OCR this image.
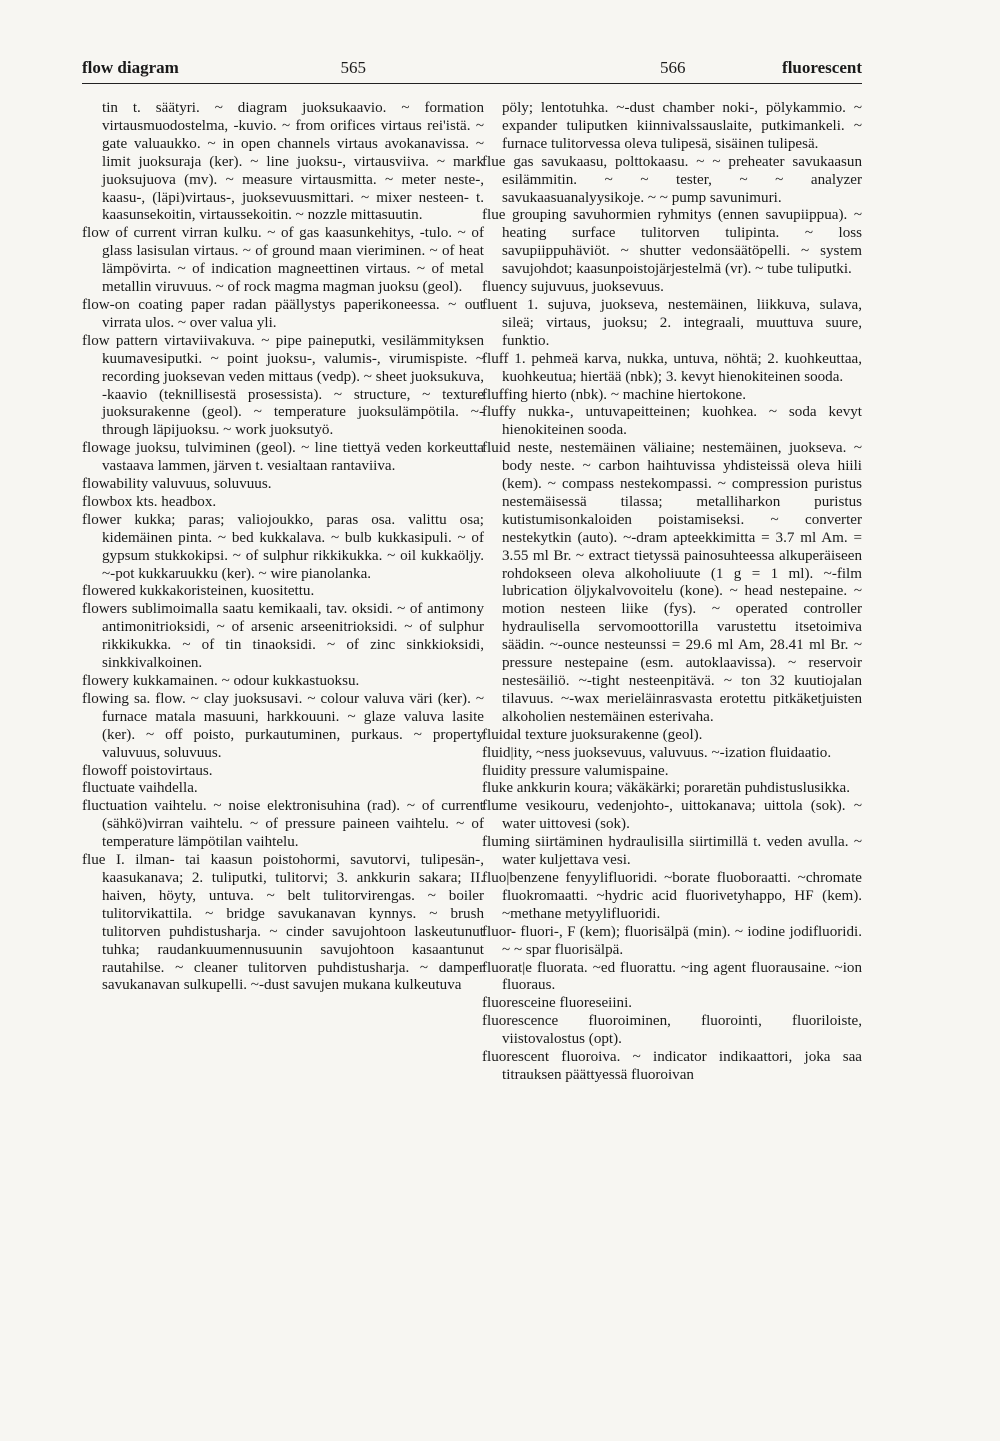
flow diagram	565

tin t. säätyri. ~ diagram juoksukaavio. ~ formation virtausmuodostelma, -kuvio. ~ from orifices virtaus rei'istä. ~ gate valuaukko. ~ in open channels virtaus avokanavissa. ~ limit juoksuraja (ker). ~ line juoksu-, virtausviiva. ~ mark juoksujuova (mv). ~ measure virtausmitta. ~ meter neste-, kaasu-, (läpi)virtaus-, juoksevuusmittari. ~ mixer nesteen- t. kaasunsekoitin, virtaussekoitin. ~ nozzle mittasuutin.

flow of current virran kulku. ~ of gas kaasunkehitys, -tulo. ~ of glass lasisulan virtaus. ~ of ground maan vieriminen. ~ of heat lämpövirta. ~ of indication magneettinen virtaus. ~ of metal metallin viruvuus. ~ of rock magma magman juoksu (geol).

flow-on coating paper radan päällystys paperikoneessa. ~ out virrata ulos. ~ over valua yli.

flow pattern virtaviivakuva. ~ pipe paineputki, vesilämmityksen kuumavesiputki. ~ point juoksu-, valumis-, virumispiste. ~ recording juoksevan veden mittaus (vedp). ~ sheet juoksukuva, -kaavio (teknillisestä prosessista). ~ structure, ~ texture juoksurakenne (geol). ~ temperature juoksulämpötila. ~-through läpijuoksu. ~ work juoksutyö.

flowage juoksu, tulviminen (geol). ~ line tiettyä veden korkeutta vastaava lammen, järven t. vesialtaan rantaviiva.

flowability valuvuus, soluvuus.

flowbox kts. headbox.

flower kukka; paras; valiojoukko, paras osa. valittu osa; kidemäinen pinta. ~ bed kukkalava. ~ bulb kukkasipuli. ~ of gypsum stukkokipsi. ~ of sulphur rikkikukka. ~ oil kukkaöljy. ~-pot kukkaruukku (ker). ~ wire pianolanka.

flowered kukkakoristeinen, kuositettu.

flowers sublimoimalla saatu kemikaali, tav. oksidi. ~ of antimony antimonitrioksidi, ~ of arsenic arseenitrioksidi. ~ of sulphur rikkikukka. ~ of tin tinaoksidi. ~ of zinc sinkkioksidi, sinkkivalkoinen.

flowery kukkamainen. ~ odour kukkastuoksu.

flowing sa. flow. ~ clay juoksusavi. ~ colour valuva väri (ker). ~ furnace matala masuuni, harkkouuni. ~ glaze valuva lasite (ker). ~ off poisto, purkautuminen, purkaus. ~ property valuvuus, soluvuus.

flowoff poistovirtaus.

fluctuate vaihdella.

fluctuation vaihtelu. ~ noise elektronisuhina (rad). ~ of current (sähkö)virran vaihtelu. ~ of pressure paineen vaihtelu. ~ of temperature lämpötilan vaihtelu.

flue I. ilman- tai kaasun poistohormi, savutorvi, tulipesän-, kaasukanava; 2. tuliputki, tulitorvi; 3. ankkurin sakara; II. haiven, höyty, untuva. ~ belt tulitorvirengas. ~ boiler tulitorvikattila. ~ bridge savukanavan kynnys. ~ brush tulitorven puhdistusharja. ~ cinder savujohtoon laskeutunut tuhka; raudankuumennusuunin savujohtoon kasaantunut rautahilse. ~ cleaner tulitorven puhdistusharja. ~ damper savukanavan sulkupelli. ~-dust savujen mukana kulkeutuva

566	fluorescent

pöly; lentotuhka. ~-dust chamber noki-, pölykammio. ~ expander tuliputken kiinnivalssauslaite, putkimankeli. ~ furnace tulitorvessa oleva tulipesä, sisäinen tulipesä.

flue gas savukaasu, polttokaasu. ~ ~ preheater savukaasun esilämmitin. ~ ~ tester, ~ ~ analyzer savukaasuanalyysikoje. ~ ~ pump savunimuri.

flue grouping savuhormien ryhmitys (ennen savupiippua). ~ heating surface tulitorven tulipinta. ~ loss savupiippuhäviöt. ~ shutter vedonsäätöpelli. ~ system savujohdot; kaasunpoistojärjestelmä (vr). ~ tube tuliputki.

fluency sujuvuus, juoksevuus.

fluent 1. sujuva, juokseva, nestemäinen, liikkuva, sulava, sileä; virtaus, juoksu; 2. integraali, muuttuva suure, funktio.

fluff 1. pehmeä karva, nukka, untuva, nöhtä; 2. kuohkeuttaa, kuohkeutua; hiertää (nbk); 3. kevyt hienokiteinen sooda.

fluffing hierto (nbk). ~ machine hiertokone.

fluffy nukka-, untuvapeitteinen; kuohkea. ~ soda kevyt hienokiteinen sooda.

fluid neste, nestemäinen väliaine; nestemäinen, juokseva. ~ body neste. ~ carbon haihtuvissa yhdisteissä oleva hiili (kem). ~ compass nestekompassi. ~ compression puristus nestemäisessä tilassa; metalliharkon puristus kutistumisonkaloiden poistamiseksi. ~ converter nestekytkin (auto). ~-dram apteekkimitta = 3.7 ml Am. = 3.55 ml Br. ~ extract tietyssä painosuhteessa alkuperäiseen rohdokseen oleva alkoholiuute (1 g = 1 ml). ~-film lubrication öljykalvovoitelu (kone). ~ head nestepaine. ~ motion nesteen liike (fys). ~ operated controller hydraulisella servomoottorilla varustettu itsetoimiva säädin. ~-ounce nesteunssi = 29.6 ml Am, 28.41 ml Br. ~ pressure nestepaine (esm. autoklaavissa). ~ reservoir nestesäiliö. ~-tight nesteenpitävä. ~ ton 32 kuutiojalan tilavuus. ~-wax merieläinrasvasta erotettu pitkäketjuisten alkoholien nestemäinen esterivaha.

fluidal texture juoksurakenne (geol).

fluid|ity, ~ness juoksevuus, valuvuus. ~-ization fluidaatio.

fluidity pressure valumispaine.

fluke ankkurin koura; väkäkärki; poraretän puhdistuslusikka.

flume vesikouru, vedenjohto-, uittokanava; uittola (sok). ~ water uittovesi (sok).

fluming siirtäminen hydraulisilla siirtimillä t. veden avulla. ~ water kuljettava vesi.

fluo|benzene fenyylifluoridi. ~borate fluoboraatti. ~chromate fluokromaatti. ~hydric acid fluorivetyhappo, HF (kem). ~methane metyylifluoridi.

fluor- fluori-, F (kem); fluorisälpä (min). ~ iodine jodifluoridi. ~ ~ spar fluorisälpä.

fluorat|e fluorata. ~ed fluorattu. ~ing agent fluorausaine. ~ion fluoraus.

fluoresceine fluoreseiini.

fluorescence fluoroiminen, fluorointi, fluoriloiste, viistovalostus (opt).

fluorescent fluoroiva. ~ indicator indikaattori, joka saa titrauksen päättyessä fluoroivan
